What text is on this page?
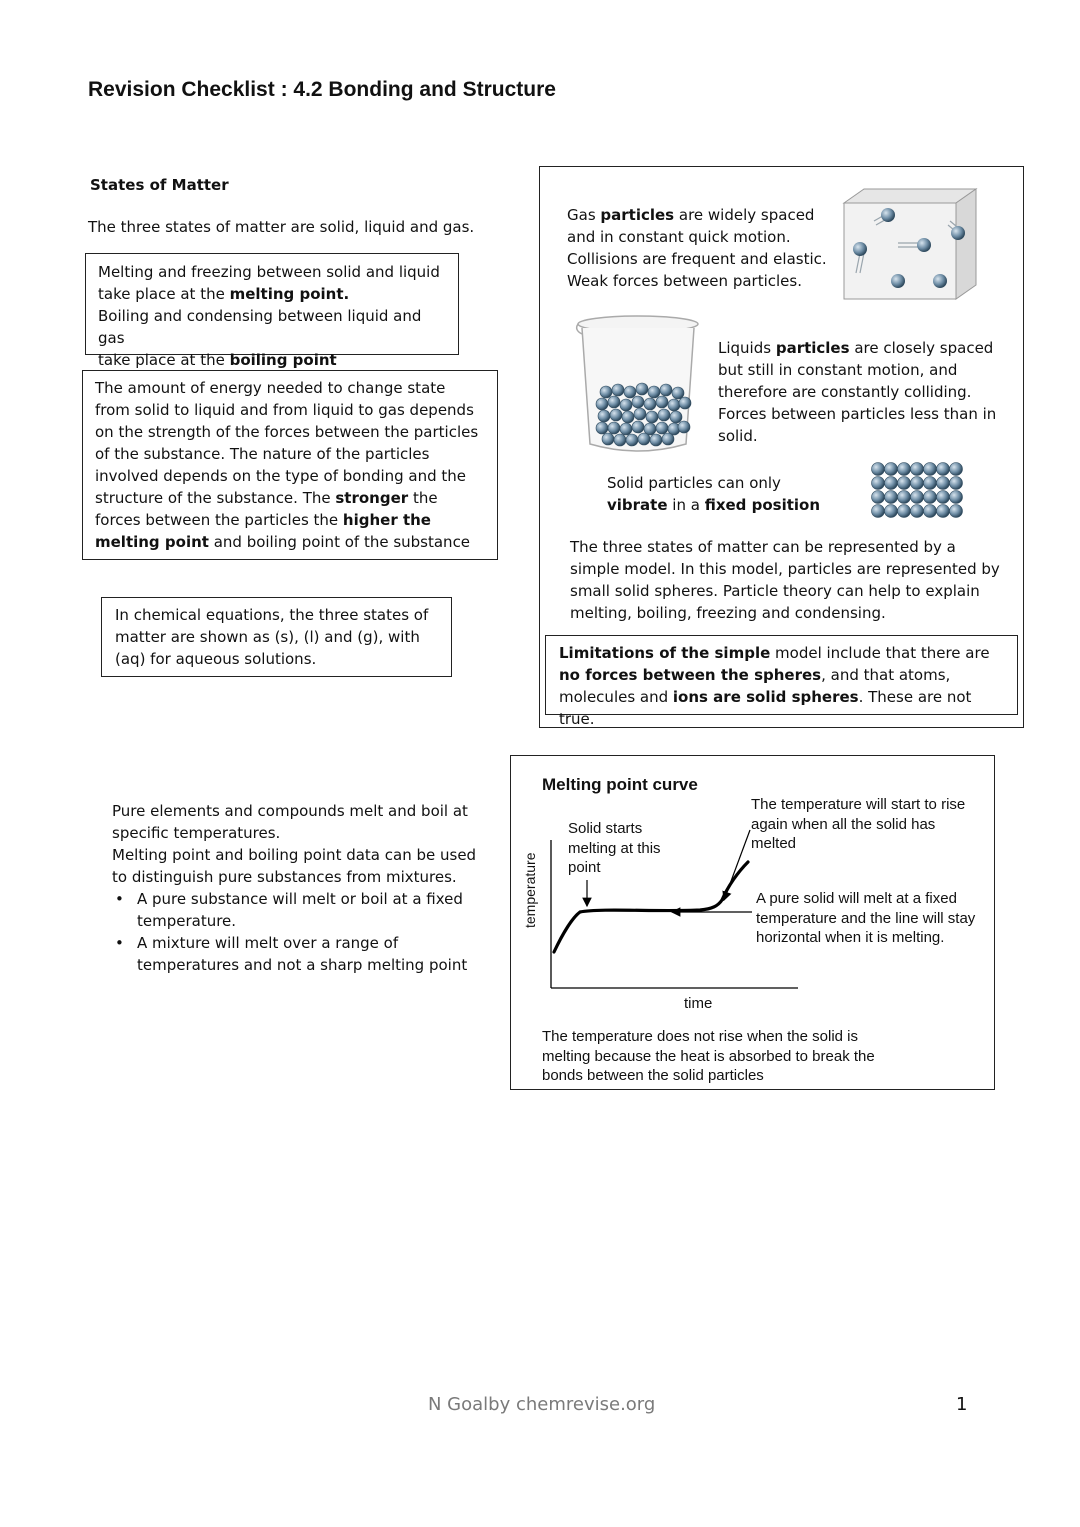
Revision Checklist : 4.2 Bonding and Structure
States of Matter
The three states of matter are solid, liquid and gas.
Melting and freezing between solid and liquid
take place at the melting point.
Boiling and condensing between liquid and gas
take place at the boiling point
The amount of energy needed to change state from solid to liquid and from liquid to gas depends on the strength of the forces between the particles of the substance. The nature of the particles involved depends on the type of bonding and the structure of the substance. The stronger the forces between the particles the higher the melting point and boiling point of the substance
In chemical equations, the three states of matter are shown as (s), (l) and (g), with (aq) for aqueous solutions.
Gas particles are widely spaced and in constant quick motion. Collisions are frequent and elastic. Weak forces between particles.
Liquids particles are closely spaced but still in constant motion, and therefore are constantly colliding. Forces between particles less than in solid.
Solid particles can only
vibrate in a fixed position
The three states of matter can be represented by a simple model. In this model, particles are represented by small solid spheres. Particle theory can help to explain melting, boiling, freezing and condensing.
Limitations of the simple model include that there are no forces between the spheres, and that atoms, molecules and ions are solid spheres. These are not true.
Pure elements and compounds melt and boil at specific temperatures.
Melting point and boiling point data can be used to distinguish pure substances from mixtures.
• A pure substance will melt or boil at a fixed temperature.
• A mixture will melt over a range of temperatures and not a sharp melting point
Melting point curve
The temperature will start to rise again when all the solid has melted
Solid starts melting at this point
A pure solid will melt at a fixed temperature and the line will stay horizontal when it is melting.
temperature
time
The temperature does not rise when the solid is melting because the heat is absorbed to break the bonds between the solid particles
N Goalby chemrevise.org	1
